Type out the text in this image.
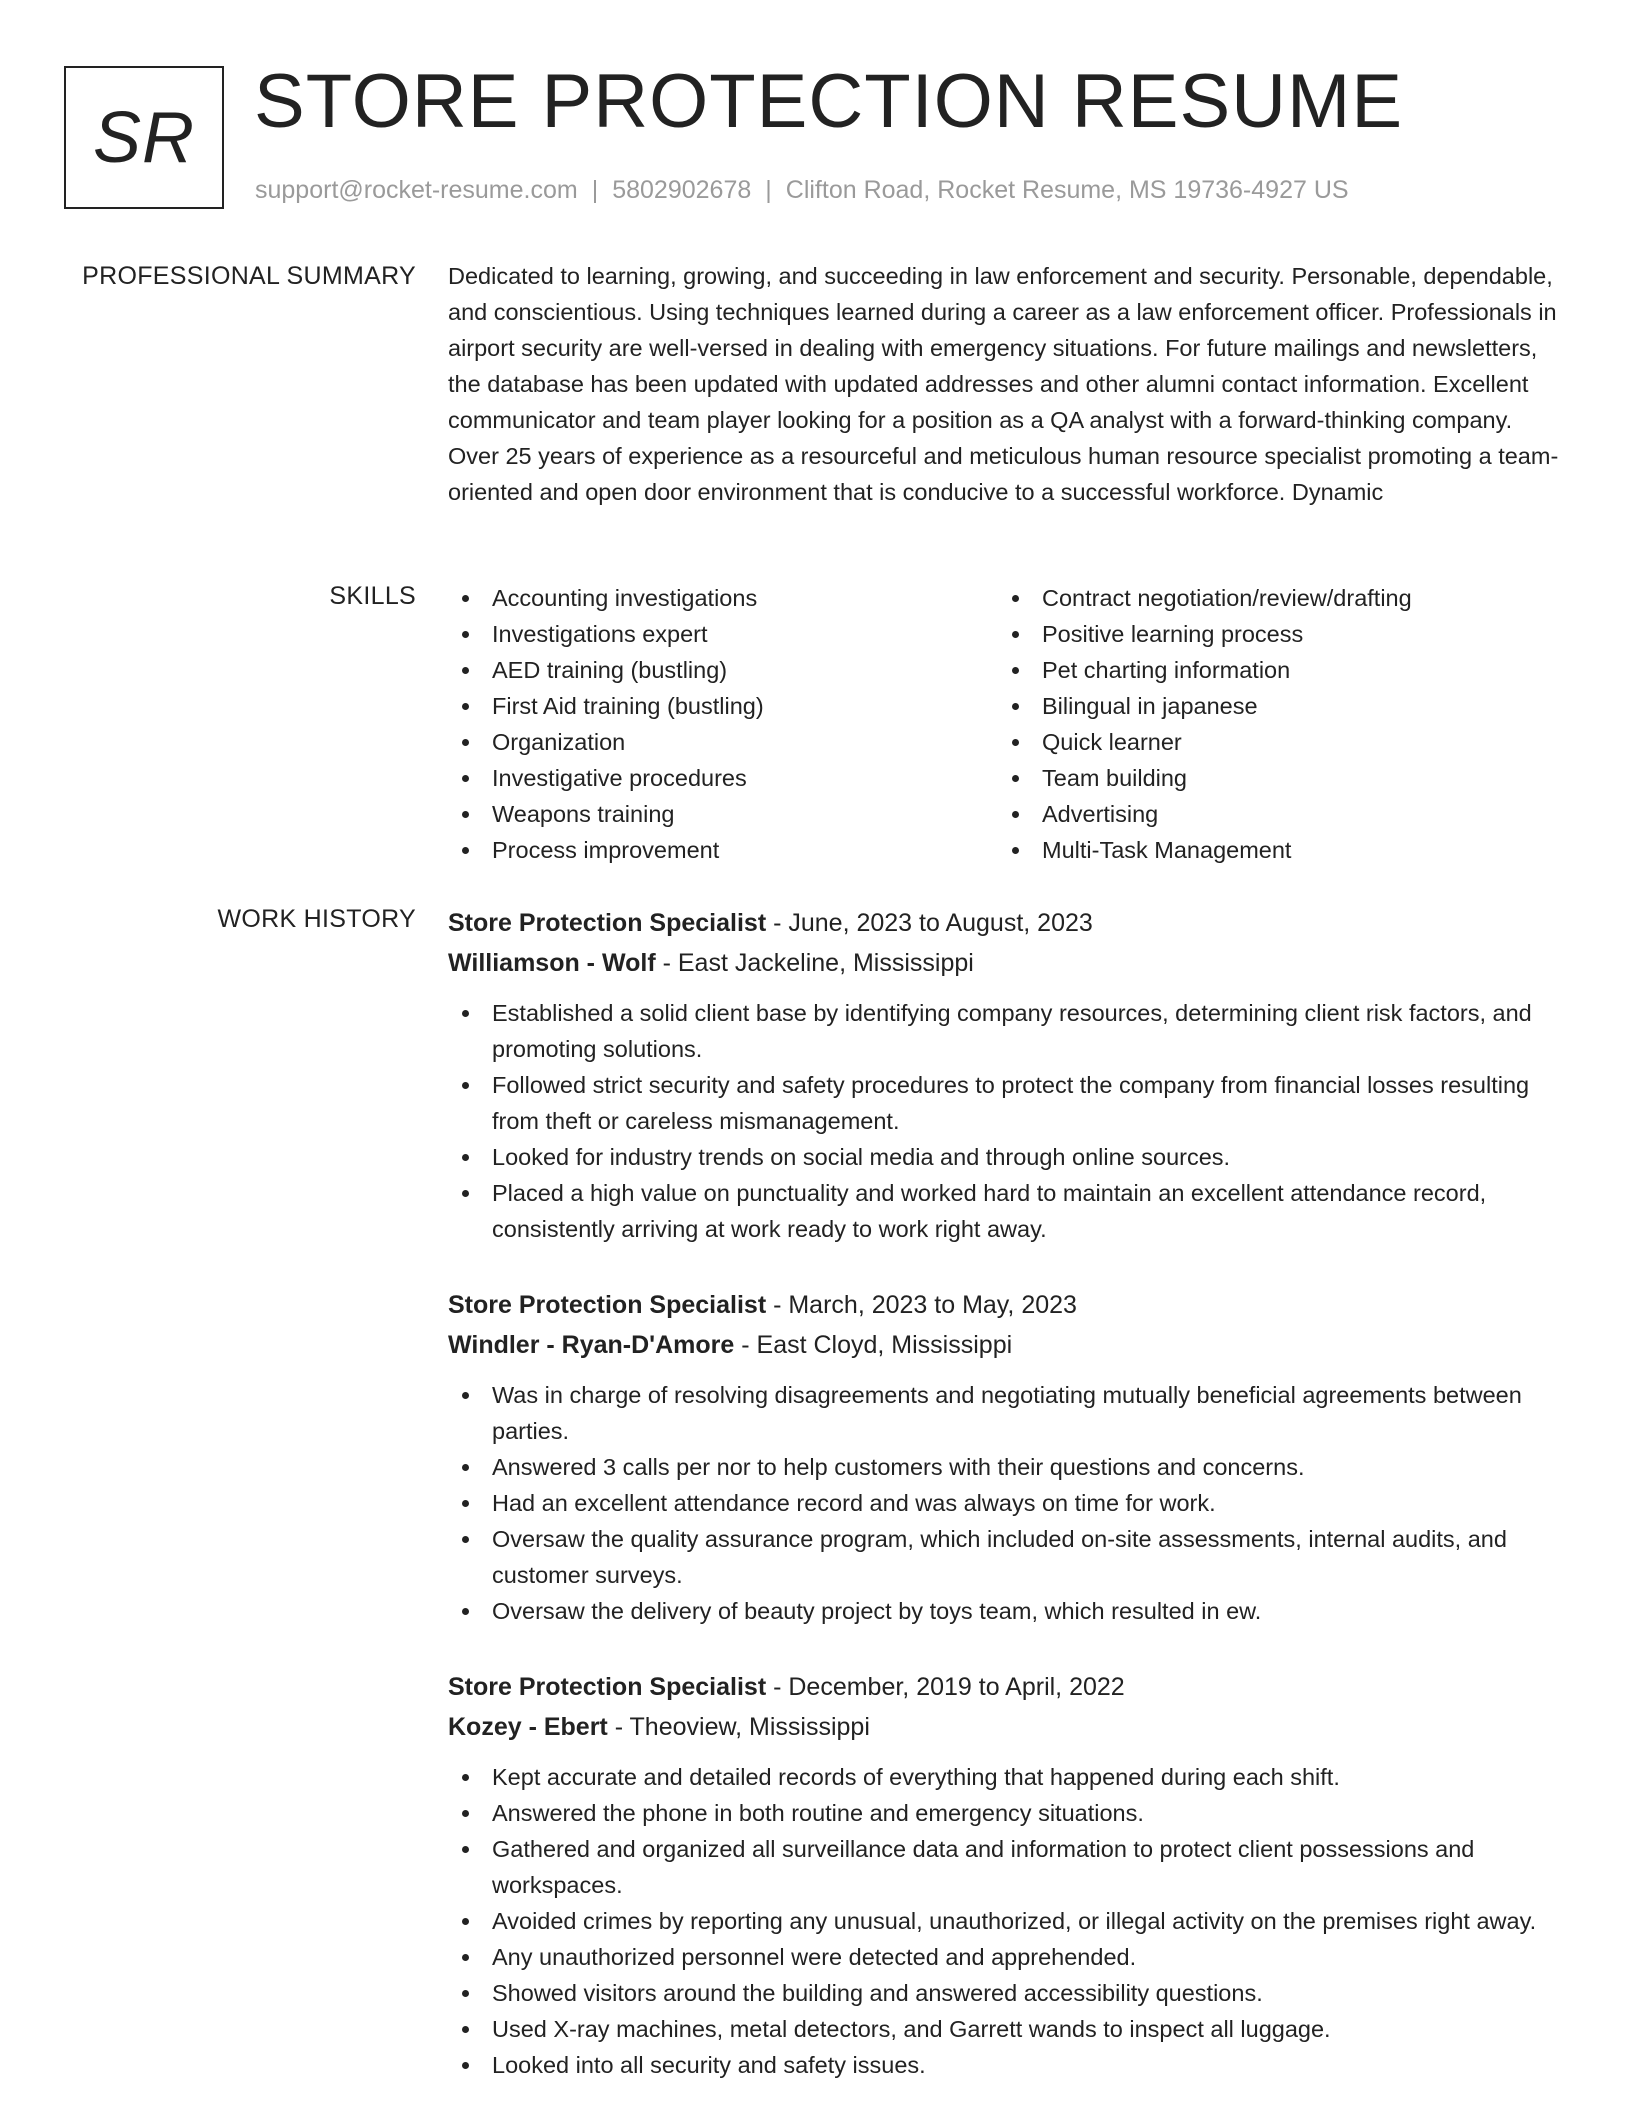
SR STORE PROTECTION RESUME
support@rocket-resume.com | 5802902678 | Clifton Road, Rocket Resume, MS 19736-4927 US
PROFESSIONAL SUMMARY Dedicated to learning, growing, and succeeding in law enforcement and security. Personable, dependable, and conscientious. Using techniques learned during a career as a law enforcement officer. Professionals in airport security are well-versed in dealing with emergency situations. For future mailings and newsletters, the database has been updated with updated addresses and other alumni contact information. Excellent communicator and team player looking for a position as a QA analyst with a forward-thinking company. Over 25 years of experience as a resourceful and meticulous human resource specialist promoting a team-oriented and open door environment that is conducive to a successful workforce. Dynamic
SKILLS	Accounting investigations
Investigations expert
AED training (bustling)
First Aid training (bustling)
Organization
Investigative procedures
Weapons training
Process improvement
Contract negotiation/review/drafting
Positive learning process
Pet charting information
Bilingual in japanese
Quick learner
Team building
Advertising
Multi-Task Management
WORK HISTORY Store Protection Specialist - June, 2023 to August, 2023
Williamson - Wolf - East Jackeline, Mississippi
Established a solid client base by identifying company resources, determining client risk factors, and promoting solutions.
Followed strict security and safety procedures to protect the company from financial losses resulting from theft or careless mismanagement.
Looked for industry trends on social media and through online sources.
Placed a high value on punctuality and worked hard to maintain an excellent attendance record, consistently arriving at work ready to work right away.
Store Protection Specialist - March, 2023 to May, 2023
Windler - Ryan-D'Amore - East Cloyd, Mississippi
Was in charge of resolving disagreements and negotiating mutually beneficial agreements between parties.
Answered 3 calls per nor to help customers with their questions and concerns.
Had an excellent attendance record and was always on time for work.
Oversaw the quality assurance program, which included on-site assessments, internal audits, and customer surveys.
Oversaw the delivery of beauty project by toys team, which resulted in ew.
Store Protection Specialist - December, 2019 to April, 2022
Kozey - Ebert - Theoview, Mississippi
Kept accurate and detailed records of everything that happened during each shift.
Answered the phone in both routine and emergency situations.
Gathered and organized all surveillance data and information to protect client possessions and workspaces.
Avoided crimes by reporting any unusual, unauthorized, or illegal activity on the premises right away.
Any unauthorized personnel were detected and apprehended.
Showed visitors around the building and answered accessibility questions.
Used X-ray machines, metal detectors, and Garrett wands to inspect all luggage.
Looked into all security and safety issues.
